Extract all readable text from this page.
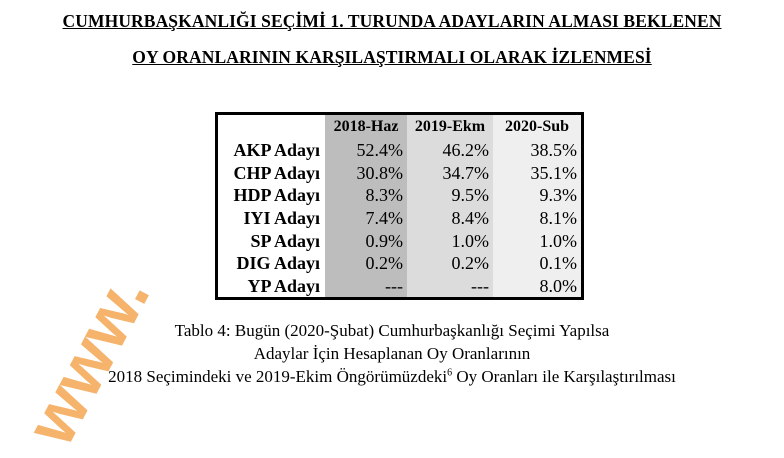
www.
CUMHURBAŞKANLIĞI SEÇİMİ 1. TURUNDA ADAYLARIN ALMASI BEKLENEN
OY ORANLARININ KARŞILAŞTIRMALI OLARAK İZLENMESİ
	2018-Haz	2019-Ekm	2020-Sub
AKP Adayı	52.4%	46.2%	38.5%
CHP Adayı	30.8%	34.7%	35.1%
HDP Adayı	8.3%	9.5%	9.3%
IYI Adayı	7.4%	8.4%	8.1%
SP Adayı	0.9%	1.0%	1.0%
DIG Adayı	0.2%	0.2%	0.1%
YP Adayı	---	---	8.0%
Tablo 4: Bugün (2020-Şubat) Cumhurbaşkanlığı Seçimi Yapılsa
Adaylar İçin Hesaplanan Oy Oranlarının
2018 Seçimindeki ve 2019-Ekim Öngörümüzdeki$^6$ Oy Oranları ile Karşılaştırılması
